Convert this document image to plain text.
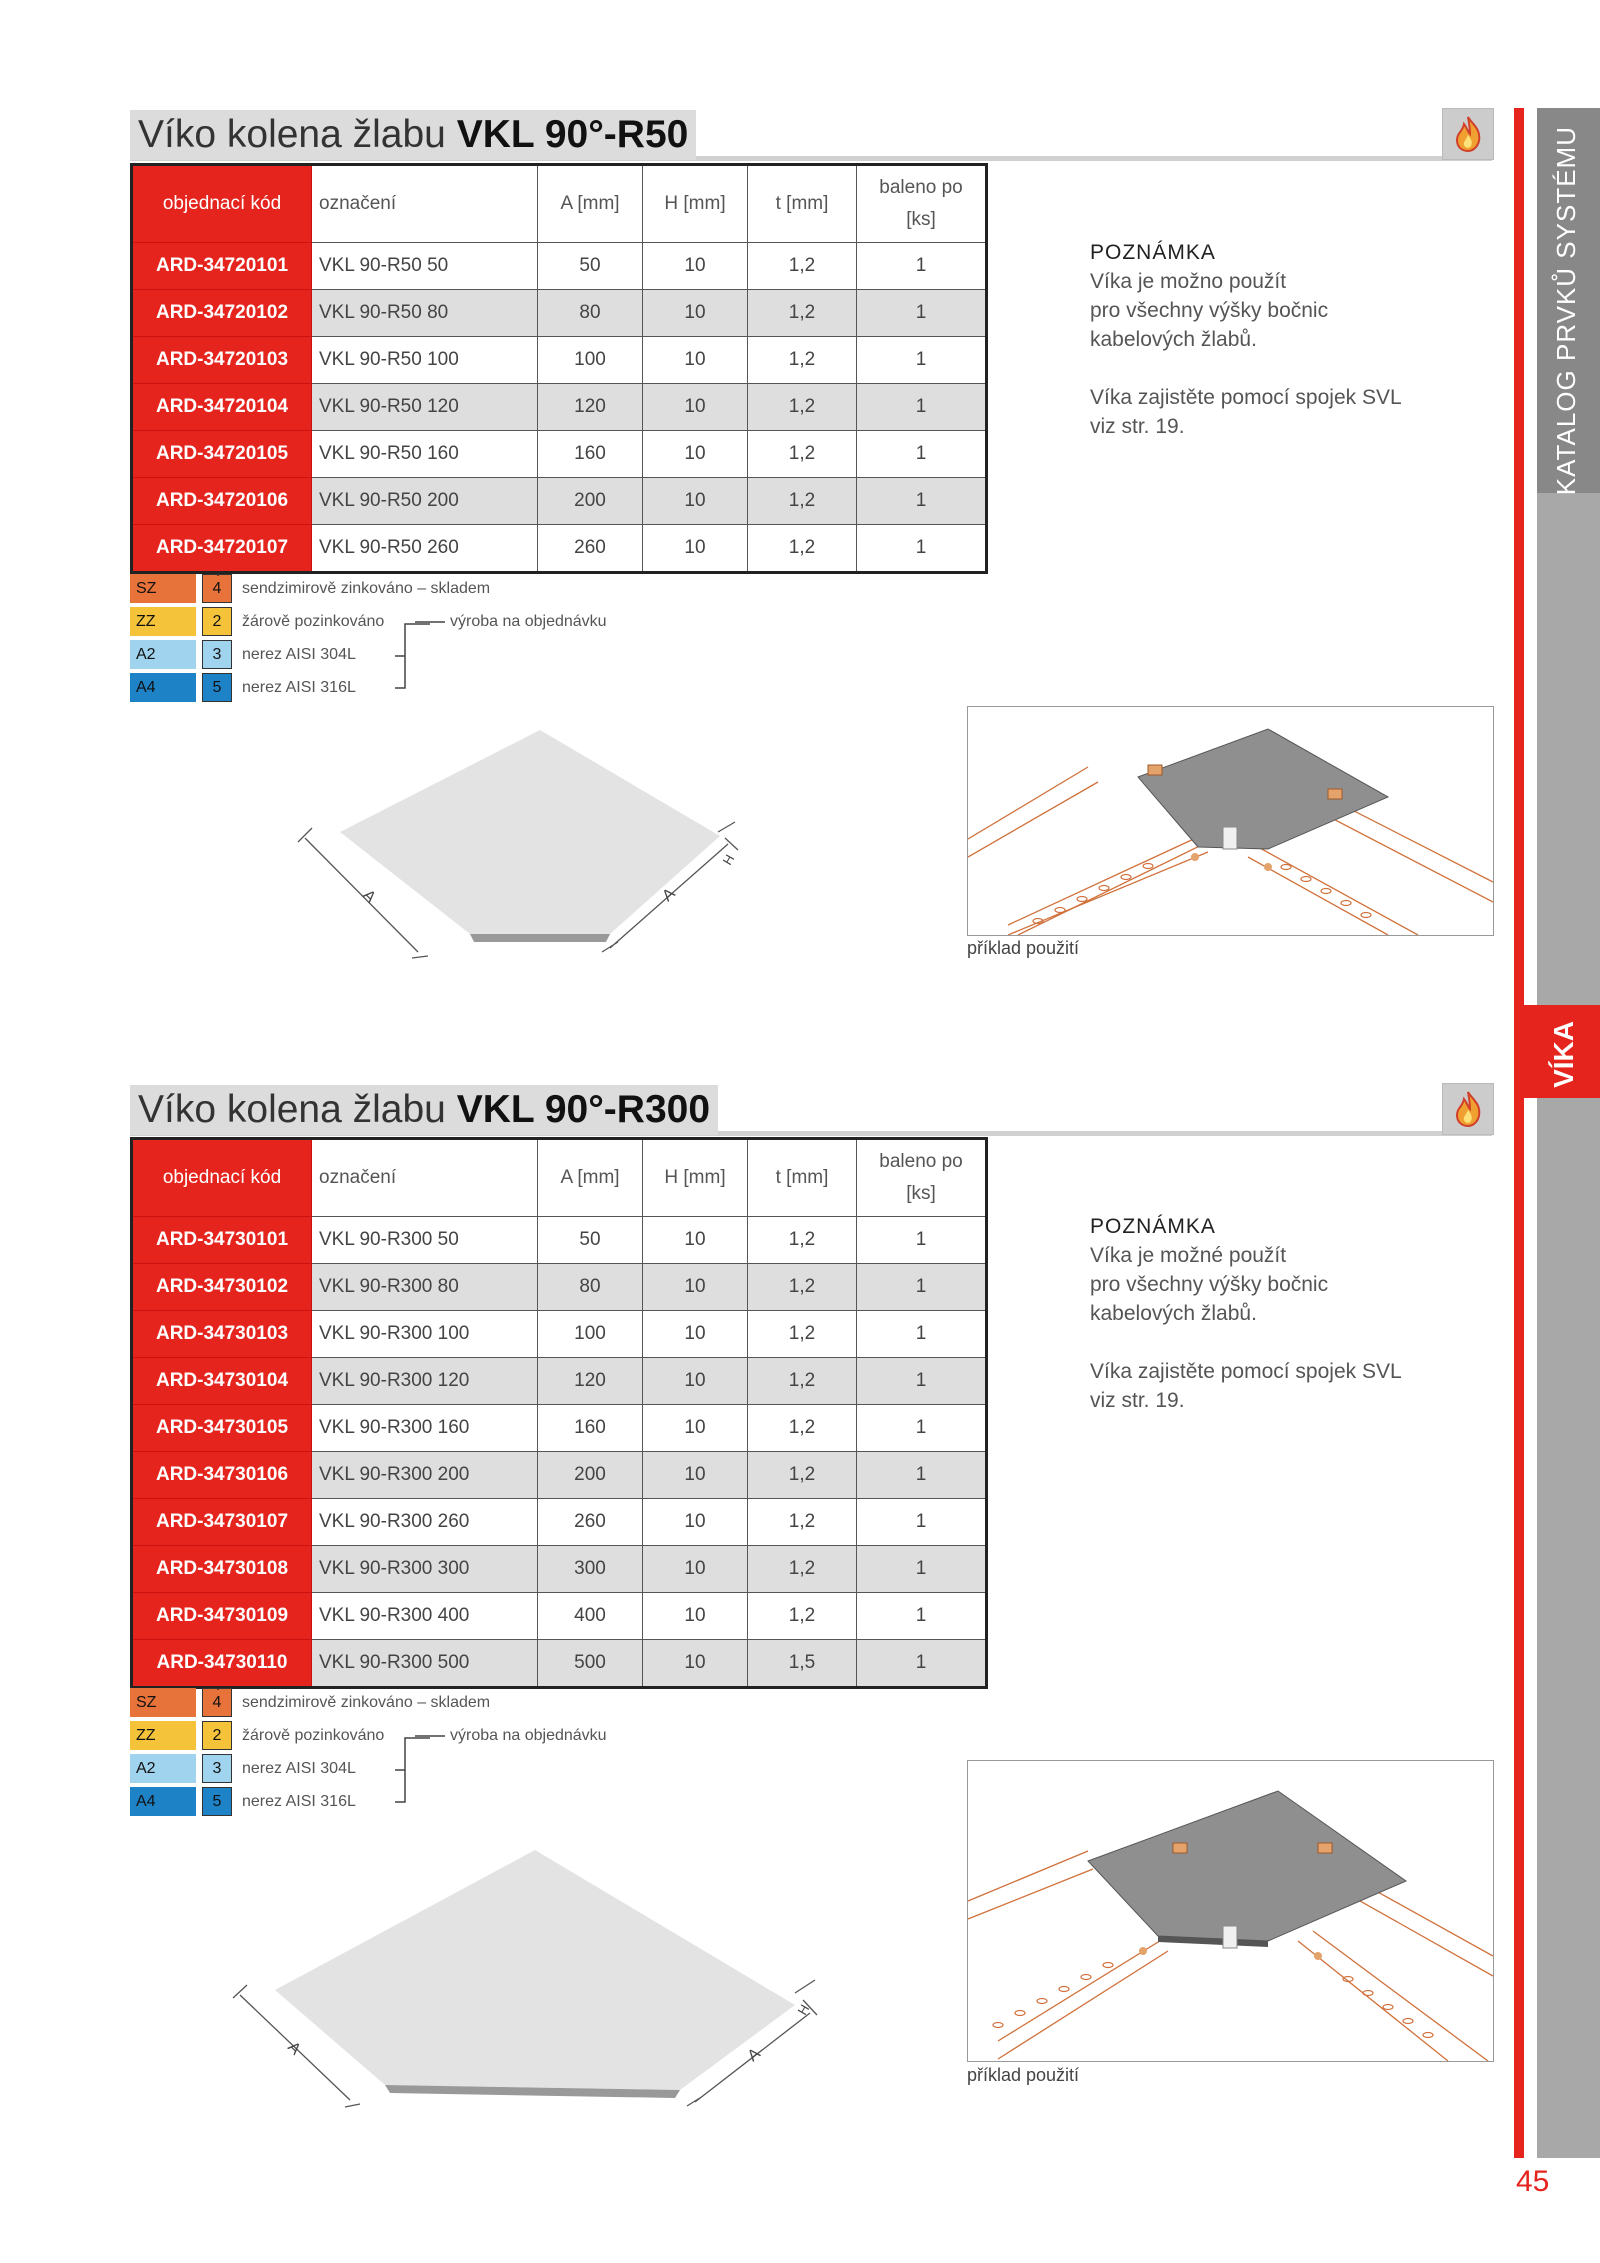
KATALOG PRVKŮ SYSTÉMU
VÍKA
45
Víko kolena žlabu VKL 90°-R50
objednací kód	označení	A [mm]	H [mm]	t [mm]	baleno po [ks]
ARD-34720101	VKL 90-R50 50	50	10	1,2	1
ARD-34720102	VKL 90-R50 80	80	10	1,2	1
ARD-34720103	VKL 90-R50 100	100	10	1,2	1
ARD-34720104	VKL 90-R50 120	120	10	1,2	1
ARD-34720105	VKL 90-R50 160	160	10	1,2	1
ARD-34720106	VKL 90-R50 200	200	10	1,2	1
ARD-34720107	VKL 90-R50 260	260	10	1,2	1
SZ	4	sendzimirově zinkováno – skladem
ZZ	2	žárově pozinkováno	výroba na objednávku
A2	3	nerez AISI 304L
A4	5	nerez AISI 316L
POZNÁMKA
Víka je možno použít
pro všechny výšky bočnic
kabelových žlabů.
Víka zajistěte pomocí spojek SVL
viz str. 19.
A	A
H
příklad použití
Víko kolena žlabu VKL 90°-R300
objednací kód	označení	A [mm]	H [mm]	t [mm]	baleno po [ks]
ARD-34730101	VKL 90-R300 50	50	10	1,2	1
ARD-34730102	VKL 90-R300 80	80	10	1,2	1
ARD-34730103	VKL 90-R300 100	100	10	1,2	1
ARD-34730104	VKL 90-R300 120	120	10	1,2	1
ARD-34730105	VKL 90-R300 160	160	10	1,2	1
ARD-34730106	VKL 90-R300 200	200	10	1,2	1
ARD-34730107	VKL 90-R300 260	260	10	1,2	1
ARD-34730108	VKL 90-R300 300	300	10	1,2	1
ARD-34730109	VKL 90-R300 400	400	10	1,2	1
ARD-34730110	VKL 90-R300 500	500	10	1,5	1
SZ	4	sendzimirově zinkováno – skladem
ZZ	2	žárově pozinkováno	výroba na objednávku
A2	3	nerez AISI 304L
A4	5	nerez AISI 316L
POZNÁMKA
Víka je možné použít
pro všechny výšky bočnic
kabelových žlabů.
Víka zajistěte pomocí spojek SVL
viz str. 19.
A	A
H
příklad použití
